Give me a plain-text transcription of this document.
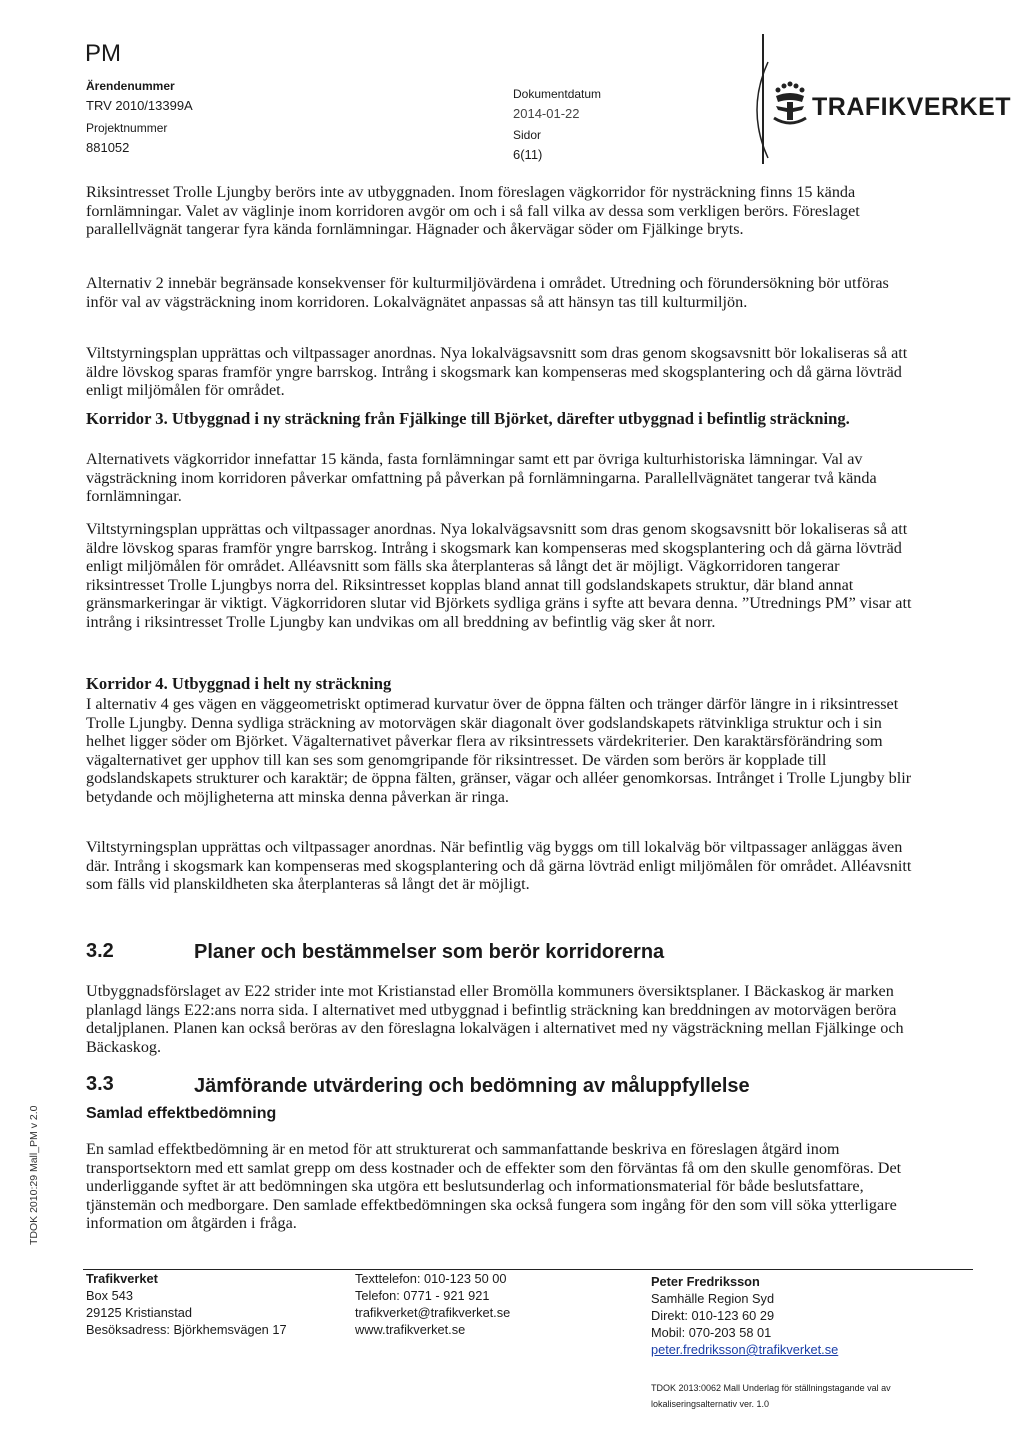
PM
Ärendenummer
TRV 2010/13399A
Projektnummer
881052
Dokumentdatum
2014-01-22
Sidor
6(11)
TRAFIKVERKET
Riksintresset Trolle Ljungby berörs inte av utbyggnaden. Inom föreslagen vägkorridor för nysträckning finns 15 kända fornlämningar. Valet av väglinje inom korridoren avgör om och i så fall vilka av dessa som verkligen berörs. Föreslaget parallellvägnät tangerar fyra kända fornlämningar. Hägnader och åkervägar söder om Fjälkinge bryts.
Alternativ 2 innebär begränsade konsekvenser för kulturmiljövärdena i området. Utredning och förundersökning bör utföras inför val av vägsträckning inom korridoren. Lokalvägnätet anpassas så att hänsyn tas till kulturmiljön.
Viltstyrningsplan upprättas och viltpassager anordnas. Nya lokalvägsavsnitt som dras genom skogsavsnitt bör lokaliseras så att äldre lövskog sparas framför yngre barrskog. Intrång i skogsmark kan kompenseras med skogsplantering och då gärna lövträd enligt miljömålen för området.
Korridor 3. Utbyggnad i ny sträckning från Fjälkinge till Björket, därefter utbyggnad i befintlig sträckning.
Alternativets vägkorridor innefattar 15 kända, fasta fornlämningar samt ett par övriga kulturhistoriska lämningar. Val av vägsträckning inom korridoren påverkar omfattning på påverkan på fornlämningarna. Parallellvägnätet tangerar två kända fornlämningar.
Viltstyrningsplan upprättas och viltpassager anordnas. Nya lokalvägsavsnitt som dras genom skogsavsnitt bör lokaliseras så att äldre lövskog sparas framför yngre barrskog. Intrång i skogsmark kan kompenseras med skogsplantering och då gärna lövträd enligt miljömålen för området. Alléavsnitt som fälls ska återplanteras så långt det är möjligt. Vägkorridoren tangerar riksintresset Trolle Ljungbys norra del. Riksintresset kopplas bland annat till godslandskapets struktur, där bland annat gränsmarkeringar är viktigt. Vägkorridoren slutar vid Björkets sydliga gräns i syfte att bevara denna. ”Utrednings PM” visar att intrång i riksintresset Trolle Ljungby kan undvikas om all breddning av befintlig väg sker åt norr.
Korridor 4. Utbyggnad i helt ny sträckning
I alternativ 4 ges vägen en väggeometriskt optimerad kurvatur över de öppna fälten och tränger därför längre in i riksintresset Trolle Ljungby. Denna sydliga sträckning av motorvägen skär diagonalt över godslandskapets rätvinkliga struktur och i sin helhet ligger söder om Björket. Vägalternativet påverkar flera av riksintressets värdekriterier. Den karaktärsförändring som vägalternativet ger upphov till kan ses som genomgripande för riksintresset. De värden som berörs är kopplade till godslandskapets strukturer och karaktär; de öppna fälten, gränser, vägar och alléer genomkorsas. Intrånget i Trolle Ljungby blir betydande och möjligheterna att minska denna påverkan är ringa.
Viltstyrningsplan upprättas och viltpassager anordnas. När befintlig väg byggs om till lokalväg bör viltpassager anläggas även där. Intrång i skogsmark kan kompenseras med skogsplantering och då gärna lövträd enligt miljömålen för området. Alléavsnitt som fälls vid planskildheten ska återplanteras så långt det är möjligt.
3.2	Planer och bestämmelser som berör korridorerna
Utbyggnadsförslaget av E22 strider inte mot Kristianstad eller Bromölla kommuners översiktsplaner. I Bäckaskog är marken planlagd längs E22:ans norra sida. I alternativet med utbyggnad i befintlig sträckning kan breddningen av motorvägen beröra detaljplanen. Planen kan också beröras av den föreslagna lokalvägen i alternativet med ny vägsträckning mellan Fjälkinge och Bäckaskog.
3.3	Jämförande utvärdering och bedömning av måluppfyllelse
Samlad effektbedömning
En samlad effektbedömning är en metod för att strukturerat och sammanfattande beskriva en föreslagen åtgärd inom transportsektorn med ett samlat grepp om dess kostnader och de effekter som den förväntas få om den skulle genomföras. Det underliggande syftet är att bedömningen ska utgöra ett beslutsunderlag och informationsmaterial för både beslutsfattare, tjänstemän och medborgare. Den samlade effektbedömningen ska också fungera som ingång för den som vill söka ytterligare information om åtgärden i fråga.
TDOK 2010:29 Mall_PM v 2.0
Trafikverket
Box 543
29125 Kristianstad
Besöksadress: Björkhemsvägen 17
Texttelefon: 010-123 50 00
Telefon: 0771 - 921 921
trafikverket@trafikverket.se
www.trafikverket.se
Peter Fredriksson
Samhälle Region Syd
Direkt: 010-123 60 29
Mobil: 070-203 58 01
peter.fredriksson@trafikverket.se
TDOK 2013:0062 Mall Underlag för ställningstagande val av
lokaliseringsalternativ ver. 1.0
